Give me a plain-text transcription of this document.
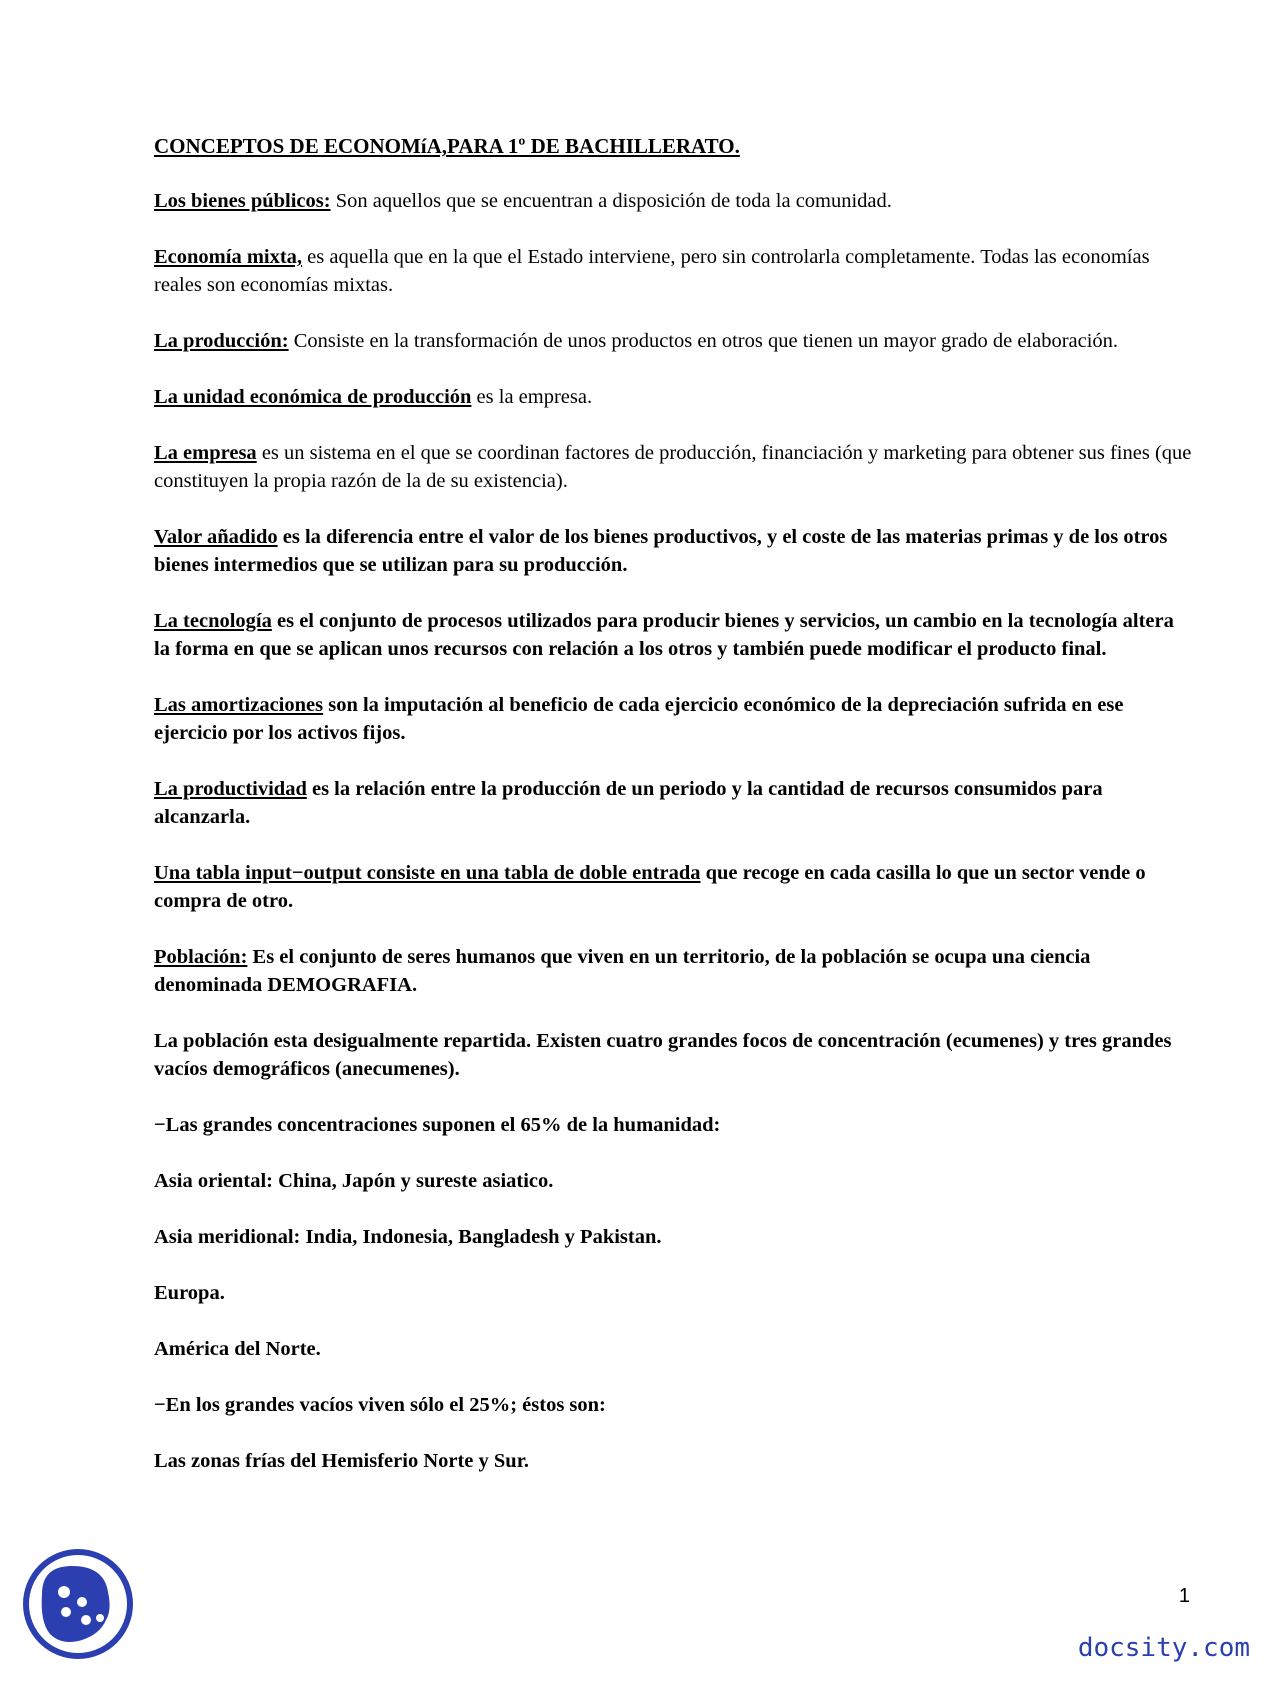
CONCEPTOS DE ECONOMíA,PARA 1º DE BACHILLERATO.

Los bienes públicos: Son aquellos que se encuentran a disposición de toda la comunidad.

Economía mixta, es aquella que en la que el Estado interviene, pero sin controlarla completamente. Todas las economías reales son economías mixtas.

La producción: Consiste en la transformación de unos productos en otros que tienen un mayor grado de elaboración.

La unidad económica de producción es la empresa.

La empresa es un sistema en el que se coordinan factores de producción, financiación y marketing para obtener sus fines (que constituyen la propia razón de la de su existencia).

Valor añadido es la diferencia entre el valor de los bienes productivos, y el coste de las materias primas y de los otros bienes intermedios que se utilizan para su producción.

La tecnología es el conjunto de procesos utilizados para producir bienes y servicios, un cambio en la tecnología altera la forma en que se aplican unos recursos con relación a los otros y también puede modificar el producto final.

Las amortizaciones son la imputación al beneficio de cada ejercicio económico de la depreciación sufrida en ese ejercicio por los activos fijos.

La productividad es la relación entre la producción de un periodo y la cantidad de recursos consumidos para alcanzarla.

Una tabla input−output consiste en una tabla de doble entrada que recoge en cada casilla lo que un sector vende o compra de otro.

Población: Es el conjunto de seres humanos que viven en un territorio, de la población se ocupa una ciencia denominada DEMOGRAFIA.

La población esta desigualmente repartida. Existen cuatro grandes focos de concentración (ecumenes) y tres grandes vacíos demográficos (anecumenes).

−Las grandes concentraciones suponen el 65% de la humanidad:

Asia oriental: China, Japón y sureste asiatico.

Asia meridional: India, Indonesia, Bangladesh y Pakistan.

Europa.

América del Norte.

−En los grandes vacíos viven sólo el 25%; éstos son:

Las zonas frías del Hemisferio Norte y Sur.

1
docsity.com
